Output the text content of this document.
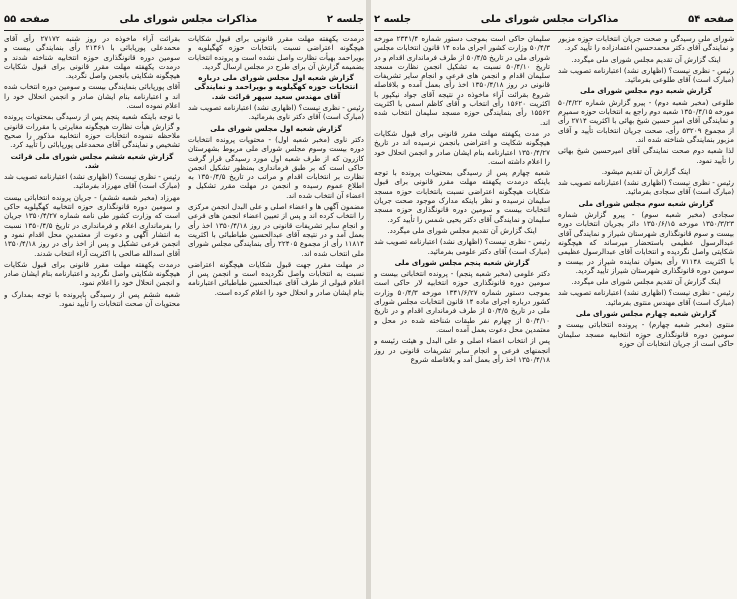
صفحه ۵۵	مذاکرات مجلس شورای ملی	جلسه ۲

درمدت یکهفته مهلت مقرر قانونی برای قبول شکایات هیچگونه اعتراضی نسبت بانتخابات حوزه کهگیلویه و بویراحمد بهیأت نظارت واصل نشده است و پرونده انتخابات بضمیمه گزارش آن برای طرح در مجلس ارسال گردید.

گزارش شعبه اول مجلس شورای ملی درباره انتخابات حوزه کهگیلویه و بویراحمد و نمایندگی آقای مهندس سعید سپهر قرائت شد.

رئیس - نظری نیست؟ (اظهاری نشد) اعتبارنامه تصویب شد (مبارک است) آقای دکتر ناوی بفرمائید.

گزارش شعبه اول مجلس شورای ملی

دکتر ناوی (مخبر شعبه اول) - محتویات پرونده انتخابات دوره بیست وسوم مجلس شورای ملی مربوط بشهرستان کازرون که از طرف شعبه اول مورد رسیدگی قرار گرفت حاکی است که بر طبق فرمانداری بمنظور تشکیل انجمن نظارت بر انتخابات اقدام و مراتب در تاریخ ۱۳۵۰/۴/۵ به اطلاع عموم رسیده و انجمن در مهلت مقرر تشکیل و اعضاء آن انتخاب شده اند.

مضمون آگهی ها و اعضاء اصلی و علی البدل انجمن مرکزی را انتخاب کرده اند و پس از تعیین اعضاء انجمن های فرعی و انجام سایر تشریفات قانونی در روز ۱۳۵۰/۴/۱۸ اخذ رأی بعمل آمد و در نتیجه آقای عبدالحسین طباطبائی با اکثریت ۱۱۸۱۴ رأی از مجموع ۲۲۴۰۵ رأی بنمایندگی مجلس شورای ملی انتخاب شده اند.

در مهلت مقرر جهت قبول شکایات هیچگونه اعتراضی نسبت به انتخابات واصل نگردیده است و انجمن پس از اعلام قبولی از طرف آقای عبدالحسین طباطبائی اعتبارنامه بنام ایشان صادر و انحلال خود را اعلام کرده است.

بقرائت آراء ماخوذه در روز شنبه ۲۷۱۷۲ رأی آقای محمدعلی پورپابائی با ۲۱۴۶۱ رأی بنمایندگی بیست و سومین دوره قانونگذاری حوزه انتخابیه شناخته شدند و درمدت یکهفته مهلت مقرر قانونی برای قبول شکایات هیچگونه شکایتی بانجمن واصل نگردید.

آقای پورپابائی بنمایندگی بیست و سومین دوره انتخاب شده اند و اعتبارنامه بنام ایشان صادر و انجمن انحلال خود را اعلام نموده است.

با توجه باینکه شعبه پنجم پس از رسیدگی بمحتویات پرونده و گزارش هیأت نظارت هیچگونه مغایرتی با مقررات قانونی ملاحظه ننموده انتخابات حوزه انتخابیه مذکور را صحیح تشخیص و نمایندگی آقای محمدعلی پورپابائی را تأیید کرد.

گزارش شعبه ششم مجلس شورای ملی قرائت شد.

رئیس - نظری نیست؟ (اظهاری نشد) اعتبارنامه تصویب شد (مبارک است) آقای مهرزاد بفرمائید.

مهرزاد (مخبر شعبه ششم) - جریان پرونده انتخاباتی بیست و سومین دوره قانونگذاری حوزه انتخابیه کهگیلویه حاکی است که وزارت کشور طی نامه شماره ۱۳۵۰/۴/۲۷ جریان را بفرمانداری اعلام و فرمانداری در تاریخ ۱۳۵۰/۴/۵ نسبت به انتشار آگهی و دعوت از معتمدین محل اقدام نمود و انجمن فرعی تشکیل و پس از اخذ رأی در روز ۱۳۵۰/۴/۱۸ آقای اسدالله صالحی با اکثریت آراء انتخاب شدند.

درمدت یکهفته مهلت مقرر قانونی برای قبول شکایات هیچگونه شکایتی واصل نگردید و اعتبارنامه بنام ایشان صادر و انجمن انحلال خود را اعلام نمود.

شعبه ششم پس از رسیدگی باپرونده با توجه بمدارک و محتویات آن صحت انتخابات را تأیید نمود.

جلسه ۲	مذاکرات مجلس شورای ملی	صفحه ۵۴

شورای ملی رسیدگی و صحت جریان انتخابات حوزه مزبور و نمایندگی آقای دکتر محمدحسین اعتمادزاده را تأیید کرد.

اینک گزارش آن تقدیم مجلس شورای ملی میگردد.

رئیس - نظری نیست؟ (اظهاری نشد) اعتبارنامه تصویب شد (مبارک است) آقای طلوعی بفرمائید.

گزارش شعبه دوم مجلس شورای ملی

طلوعی (مخبر شعبه دوم) - پیرو گزارش شماره ۵۰/۴/۲۲ مورخه ۱۳۵۰/۴/۱۵ شعبه دوم راجع به انتخابات حوزه سمیرم و نمایندگی آقای امیر حسین شیخ بهائی با اکثریت ۲۷۱۴ رأی از مجموع ۵۳۲۰۹ رأی، صحت جریان انتخابات تأیید و آقای مزبور بنمایندگی شناخته شده اند.

لذا شعبه دوم صحت نمایندگی آقای امیرحسین شیخ بهائی را تأیید نمود.

اینک گزارش آن تقدیم میشود.

رئیس - نظری نیست؟ (اظهاری نشد) اعتبارنامه تصویب شد (مبارک است) آقای سجادی بفرمائید.

گزارش شعبه سوم مجلس شورای ملی

سجادی (مخبر شعبه سوم) - پیرو گزارش شماره ۱۳۵۰/۳/۲۳ مورخه ۱۳۵۰/۶/۱۵ دائر بجریان انتخابات دوره بیست و سوم قانونگذاری شهرستان شیراز و نمایندگی آقای عبدالرسول عظیمی باستحضار میرساند که هیچگونه شکایتی واصل نگردیده و انتخابات آقای عبدالرسول عظیمی با اکثریت ۷۱۱۴۸ رأی بعنوان نماینده شیراز در بیست و سومین دوره قانونگذاری شهرستان شیراز تأیید گردید.

اینک گزارش آن تقدیم مجلس شورای ملی میگردد.

رئیس - نظری نیست؟ (اظهاری نشد) اعتبارنامه تصویب شد (مبارک است) آقای مهندس منتوی بفرمائید.

گزارش شعبه چهارم مجلس شورای ملی

منتوی (مخبر شعبه چهارم) - پرونده انتخاباتی بیست و سومین دوره قانونگذاری حوزه انتخابیه مسجد سلیمان حاکی است از جریان انتخابات آن حوزه

سلیمان حاکی است بموجب دستور شماره ۲۳۴۱/۴ مورخه ۵۰/۴/۳ وزارت کشور اجرای ماده ۱۴ قانون انتخابات مجلس شورای ملی در تاریخ ۵۰/۴/۵ از طرف فرمانداری اقدام و در تاریخ ۵۰/۴/۱۰ نسبت به تشکیل انجمن نظارت مسجد سلیمان اقدام و انجمن های فرعی و انجام سایر تشریفات قانونی در روز ۱۳۵۰/۴/۱۸ اخذ رأی بعمل آمده و بلافاصله شروع بقرائت آراء ماخوذه در نتیجه آقای جواد نیکپور با اکثریت ۱۵۶۲۰ رأی انتخاب و آقای کاظم اسمی با اکثریت ۱۵۵۶۲ رأی بنمایندگی حوزه مسجد سلیمان انتخاب شده اند.

در مدت یکهفته مهلت مقرر قانونی برای قبول شکایات هیچگونه شکایت و اعتراضی بانجمن نرسیده اند در تاریخ ۱۳۵۰/۴/۲۷ اعتبارنامه بنام ایشان صادر و انجمن انحلال خود را اعلام داشته است.

شعبه چهارم پس از رسیدگی بمحتویات پرونده با توجه باینکه درمدت یکهفته مهلت مقرر قانونی برای قبول شکایات هیچگونه اعتراضی نسبت بانتخابات حوزه مسجد سلیمان نرسیده و نظر باینکه مدارک موجود صحت جریان انتخابات بیست و سومین دوره قانونگذاری حوزه مسجد سلیمان و نمایندگی آقای دکتر یحیی شمس را تأیید کرد.

اینک گزارش آن تقدیم مجلس شورای ملی میگردد.

رئیس - نظری نیست؟ (اظهاری نشد) اعتبارنامه تصویب شد (مبارک است) آقای دکتر علومی بفرمائید.

گزارش شعبه پنجم مجلس شورای ملی

دکتر علومی (مخبر شعبه پنجم) - پرونده انتخاباتی بیست و سومین دوره قانونگذاری حوزه انتخابیه لار حاکی است بموجب دستور شماره ۱۳۴۱/۶/۲۷ مورخه ۵۰/۴/۳ وزارت کشور درباره اجرای ماده ۱۴ قانون انتخابات مجلس شورای ملی در تاریخ ۵۰/۴/۵ از طرف فرمانداری اقدام و در تاریخ ۵۰/۴/۱۰ از چهارم نفر طبقات شناخته شده در محل و معتمدین محل دعوت بعمل آمده است.

پس از انتخاب اعضاء اصلی و علی البدل و هیئت رئیسه و انجمنهای فرعی و انجام سایر تشریفات قانونی در روز ۱۳۵۰/۴/۱۸ اخذ رأی بعمل آمد و بلافاصله شروع
